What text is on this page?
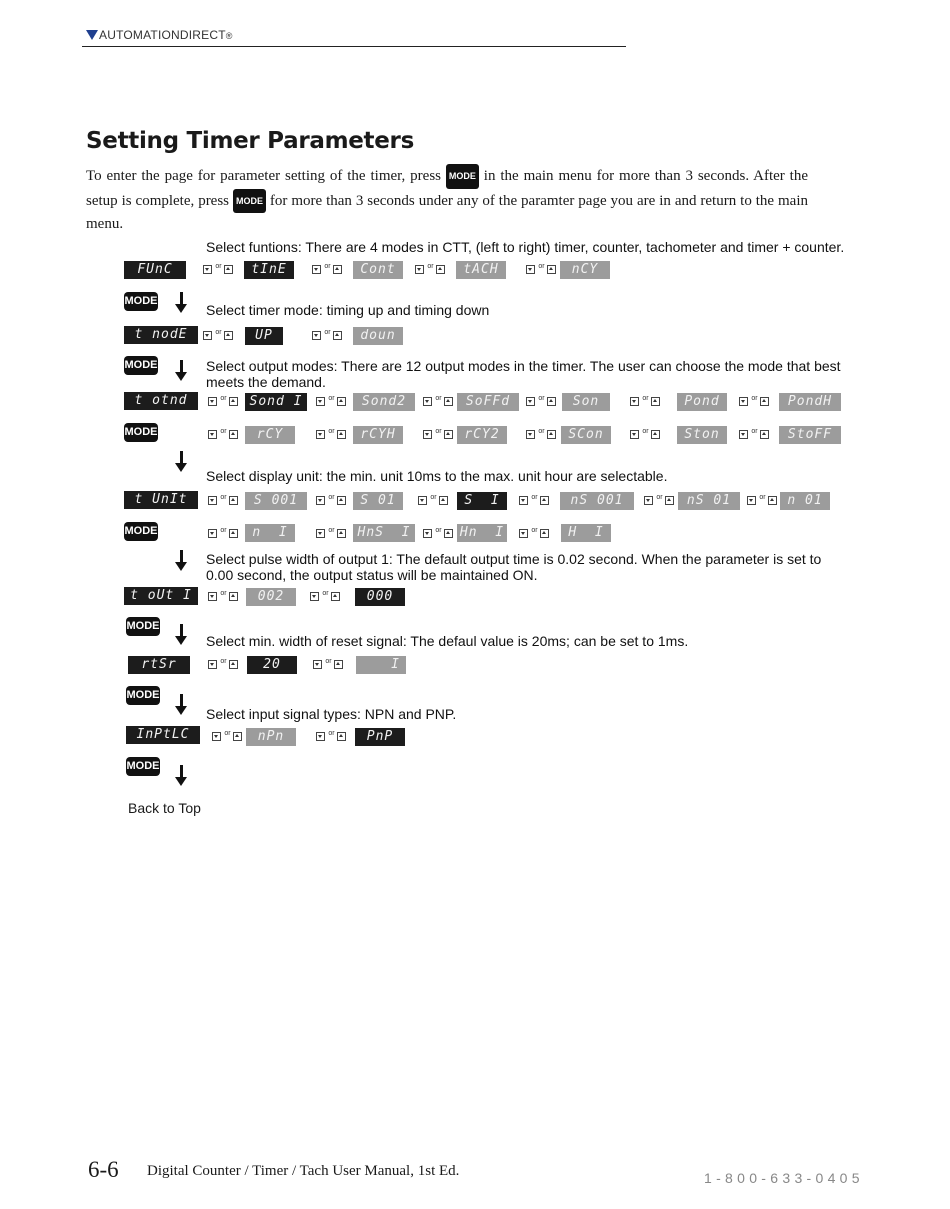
AUTOMATIONDIRECT®
Setting Timer Parameters
To enter the page for parameter setting of the timer, press MODE in the main menu for more than 3 seconds. After the setup is complete, press MODE for more than 3 seconds under any of the paramter page you are in and return to the main menu.
Select funtions: There are 4 modes in CTT, (left to right) timer, counter, tachometer and timer + counter.
FUnC	or	tInE	or	Cont	or	tACH	or	nCY
MODE
Select timer mode: timing up and timing down
t nodE	or	UP	or	doun
MODE	Select output modes: There are 12 output modes in the timer. The user can choose the mode that best meets the demand.
t otnd	or	Sond I	or	Sond2	or	SoFFd	or	Son	or	Pond	or	PondH
MODE	or	rCY	or	rCYH	or	rCY2	or	SCon	or	Ston	or	StoFF
Select display unit: the min. unit 10ms to the max. unit hour are selectable.
t UnIt	or	S 001	or	S 01	or	S  I	or	nS 001	or	nS 01	or	n 01
MODE	or	n  I	or	HnS  I	or Hn  I	or	H  I
Select pulse width of output 1: The default output time is 0.02 second. When the parameter is set to 0.00 second, the output status will be maintained ON.
t oUt I	or	002	or	000
MODE
Select min. width of reset signal: The defaul value is 20ms; can be set to 1ms.
rtSr	or	20	or	I
MODE
Select input signal types: NPN and PNP.
InPtLC	or	nPn	or	PnP
MODE
Back to Top
6-6 Digital Counter / Timer / Tach User Manual, 1st Ed.	1-800-633-0405
